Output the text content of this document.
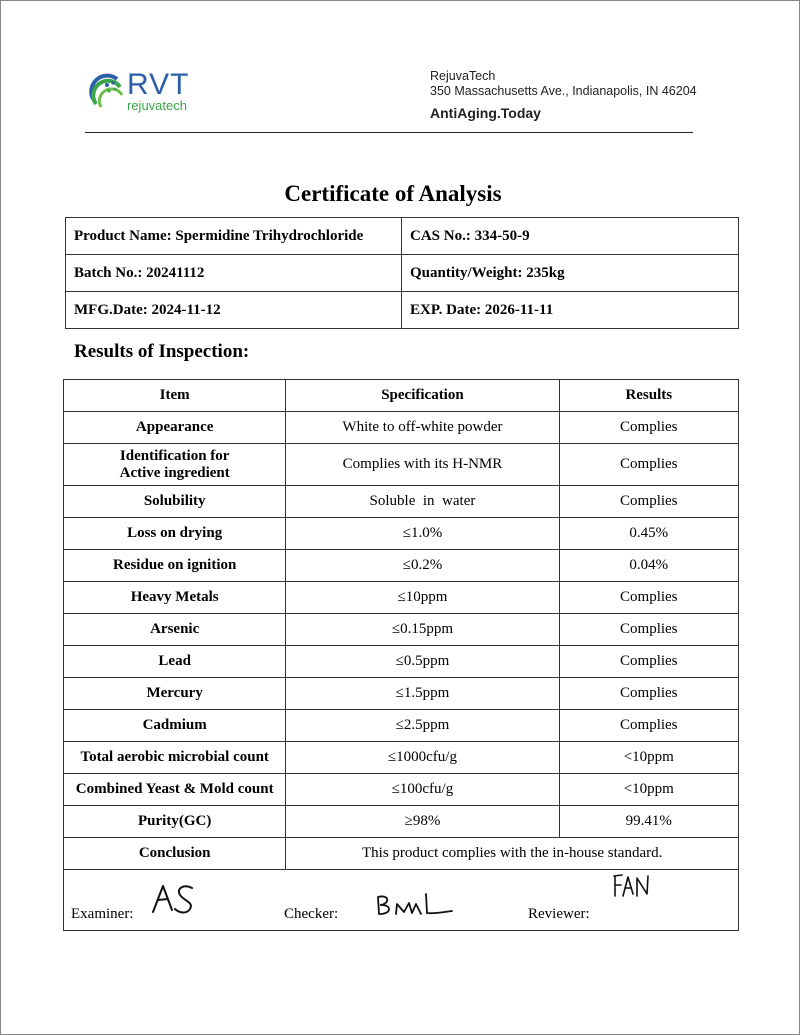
RVT
rejuvatech
RejuvaTech
350 Massachusetts Ave., Indianapolis, IN 46204
AntiAging.Today
Certificate of Analysis
Product Name: Spermidine Trihydrochloride	CAS No.: 334-50-9
Batch No.: 20241112	Quantity/Weight: 235kg
MFG.Date: 2024-11-12	EXP. Date: 2026-11-11
Results of Inspection:
Item	Specification	Results
Appearance	White to off-white powder	Complies

Identification for
Active ingredient	Complies with its H-NMR	Complies
Solubility	Soluble  in  water	Complies
Loss on drying	≤1.0%	0.45%
Residue on ignition	≤0.2%	0.04%
Heavy Metals	≤10ppm	Complies
Arsenic	≤0.15ppm	Complies
Lead	≤0.5ppm	Complies
Mercury	≤1.5ppm	Complies
Cadmium	≤2.5ppm	Complies
Total aerobic microbial count	≤1000cfu/g	<10ppm
Combined Yeast & Mold count	≤100cfu/g	<10ppm
Purity(GC)	≥98%	99.41%
Conclusion	This product complies with the in-house standard.	

Examiner: Checker: Reviewer:		
